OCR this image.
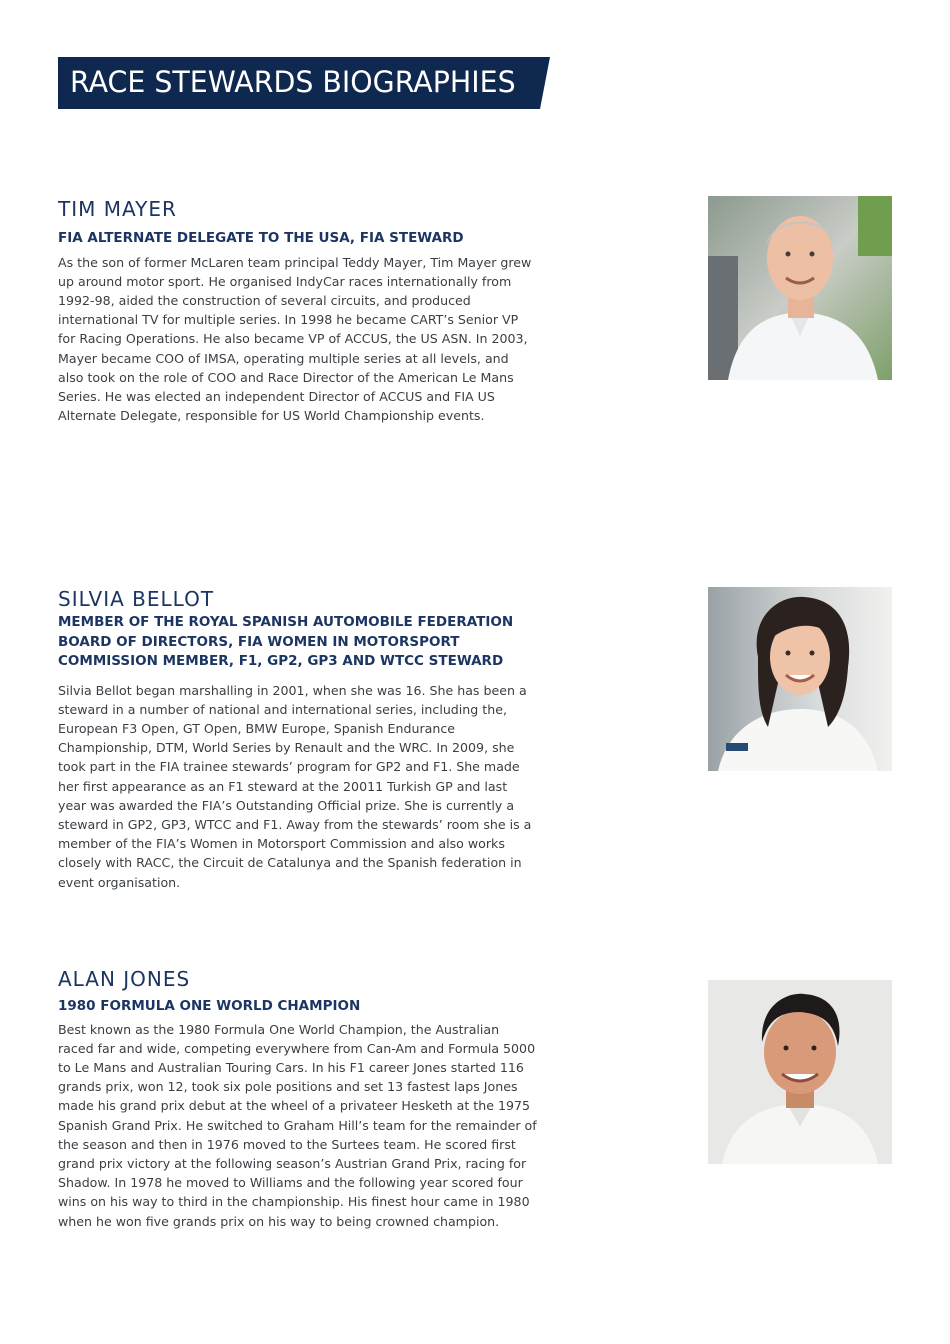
RACE STEWARDS BIOGRAPHIES
TIM MAYER
FIA ALTERNATE DELEGATE TO THE USA, FIA STEWARD

As the son of former McLaren team principal Teddy Mayer, Tim Mayer grew up around motor sport. He organised IndyCar races internationally from 1992-98, aided the construction of several circuits, and produced international TV for multiple series. In 1998 he became CART’s Senior VP for Racing Operations. He also became VP of ACCUS, the US ASN. In 2003, Mayer became COO of IMSA, operating multiple series at all levels, and also took on the role of COO and Race Director of the American Le Mans Series. He was elected an independent Director of ACCUS and FIA US Alternate Delegate, responsible for US World Championship events.

SILVIA BELLOT
MEMBER OF THE ROYAL SPANISH AUTOMOBILE FEDERATION BOARD OF DIRECTORS, FIA WOMEN IN MOTORSPORT COMMISSION MEMBER, F1, GP2, GP3 AND WTCC STEWARD

Silvia Bellot began marshalling in 2001, when she was 16. She has been a steward in a number of national and international series, including the, European F3 Open, GT Open, BMW Europe, Spanish Endurance Championship, DTM, World Series by Renault and the WRC. In 2009, she took part in the FIA trainee stewards’ program for GP2 and F1. She made her first appearance as an F1 steward at the 20011 Turkish GP and last year was awarded the FIA’s Outstanding Official prize. She is currently a steward in GP2, GP3, WTCC and F1. Away from the stewards’ room she is a member of the FIA’s Women in Motorsport Commission and also works closely with RACC, the Circuit de Catalunya and the Spanish federation in event organisation.

ALAN JONES
1980 FORMULA ONE WORLD CHAMPION

Best known as the 1980 Formula One World Champion, the Australian raced far and wide, competing everywhere from Can-Am and Formula 5000 to Le Mans and Australian Touring Cars. In his F1 career Jones started 116 grands prix, won 12, took six pole positions and set 13 fastest laps Jones made his grand prix debut at the wheel of a privateer Hesketh at the 1975 Spanish Grand Prix. He switched to Graham Hill’s team for the remainder of the season and then in 1976 moved to the Surtees team. He scored first grand prix victory at the following season’s Austrian Grand Prix, racing for Shadow. In 1978 he moved to Williams and the following year scored four wins on his way to third in the championship. His finest hour came in 1980 when he won five grands prix on his way to being crowned champion.
